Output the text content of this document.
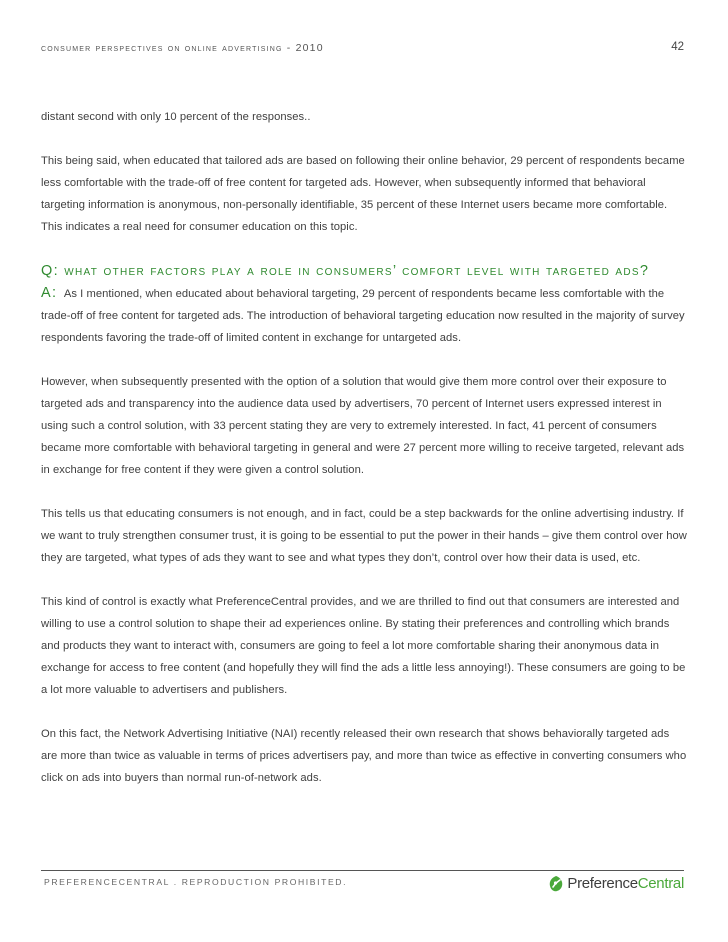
consumer perspectives on online advertising - 2010	42

distant second with only 10 percent of the responses..

This being said, when educated that tailored ads are based on following their online behavior, 29 percent of respondents became less comfortable with the trade-off of free content for targeted ads. However, when subsequently informed that behavioral targeting information is anonymous, non-personally identifiable, 35 percent of these Internet users became more comfortable. This indicates a real need for consumer education on this topic.

Q: what other factors play a role in consumers’ comfort level with targeted ads?
A: As I mentioned, when educated about behavioral targeting, 29 percent of respondents became less comfortable with the trade-off of free content for targeted ads. The introduction of behavioral targeting education now resulted in the majority of survey respondents favoring the trade-off of limited content in exchange for untargeted ads.

However, when subsequently presented with the option of a solution that would give them more control over their exposure to targeted ads and transparency into the audience data used by advertisers, 70 percent of Internet users expressed interest in using such a control solution, with 33 percent stating they are very to extremely interested. In fact, 41 percent of consumers became more comfortable with behavioral targeting in general and were 27 percent more willing to receive targeted, relevant ads in exchange for free content if they were given a control solution.

This tells us that educating consumers is not enough, and in fact, could be a step backwards for the online advertising industry. If we want to truly strengthen consumer trust, it is going to be essential to put the power in their hands – give them control over how they are targeted, what types of ads they want to see and what types they don’t, control over how their data is used, etc.

This kind of control is exactly what PreferenceCentral provides, and we are thrilled to find out that consumers are interested and willing to use a control solution to shape their ad experiences online. By stating their preferences and controlling which brands and products they want to interact with, consumers are going to feel a lot more comfortable sharing their anonymous data in exchange for access to free content (and hopefully they will find the ads a little less annoying!). These consumers are going to be a lot more valuable to advertisers and publishers.

On this fact, the Network Advertising Initiative (NAI) recently released their own research that shows behaviorally targeted ads are more than twice as valuable in terms of prices advertisers pay, and more than twice as effective in converting consumers who click on ads into buyers than normal run-of-network ads.

PREFERENCECENTRAL . REPRODUCTION PROHIBITED.	PreferenceCentral
